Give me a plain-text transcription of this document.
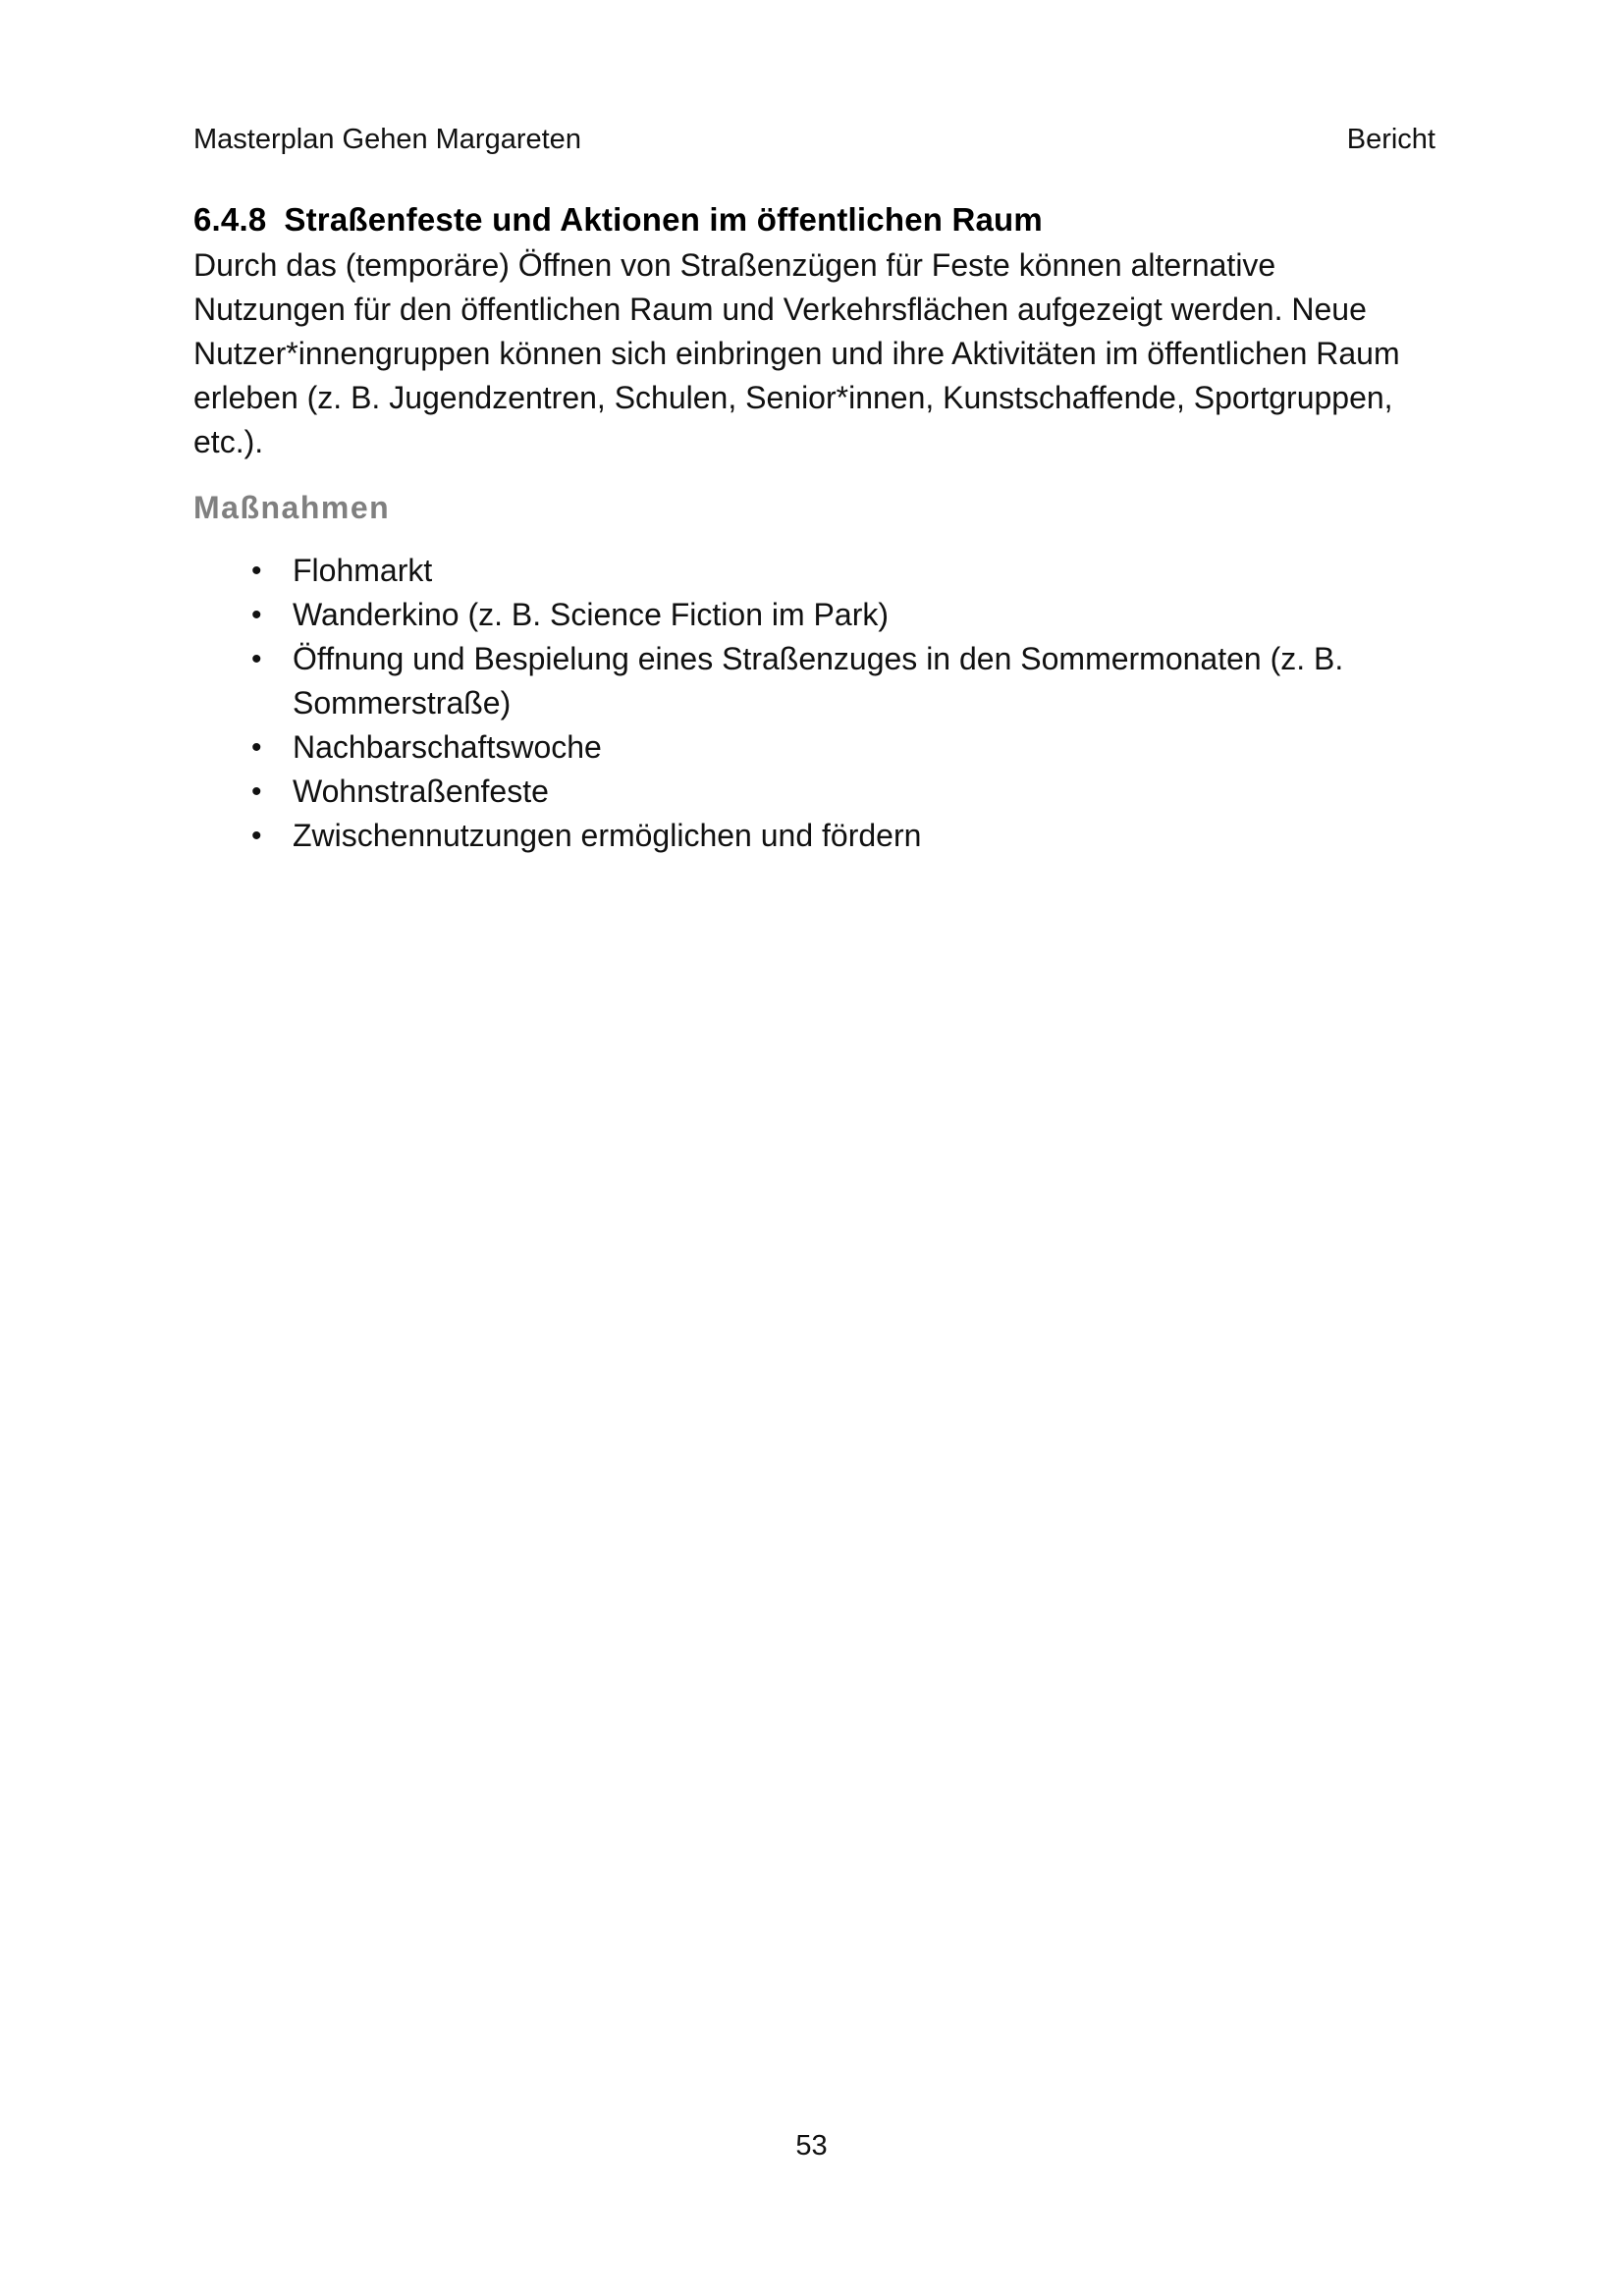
Masterplan Gehen Margareten	Bericht
6.4.8 Straßenfeste und Aktionen im öffentlichen Raum

Durch das (temporäre) Öffnen von Straßenzügen für Feste können alternative Nutzungen für den öffentlichen Raum und Verkehrsflächen aufgezeigt werden. Neue Nutzer*innengruppen können sich einbringen und ihre Aktivitäten im öffentlichen Raum erleben (z. B. Jugendzentren, Schulen, Senior*innen, Kunstschaffende, Sportgruppen, etc.).

Maßnahmen
• Flohmarkt
• Wanderkino (z. B. Science Fiction im Park)
• Öffnung und Bespielung eines Straßenzuges in den Sommermonaten (z. B. Sommerstraße)
• Nachbarschaftswoche
• Wohnstraßenfeste
• Zwischennutzungen ermöglichen und fördern
53
